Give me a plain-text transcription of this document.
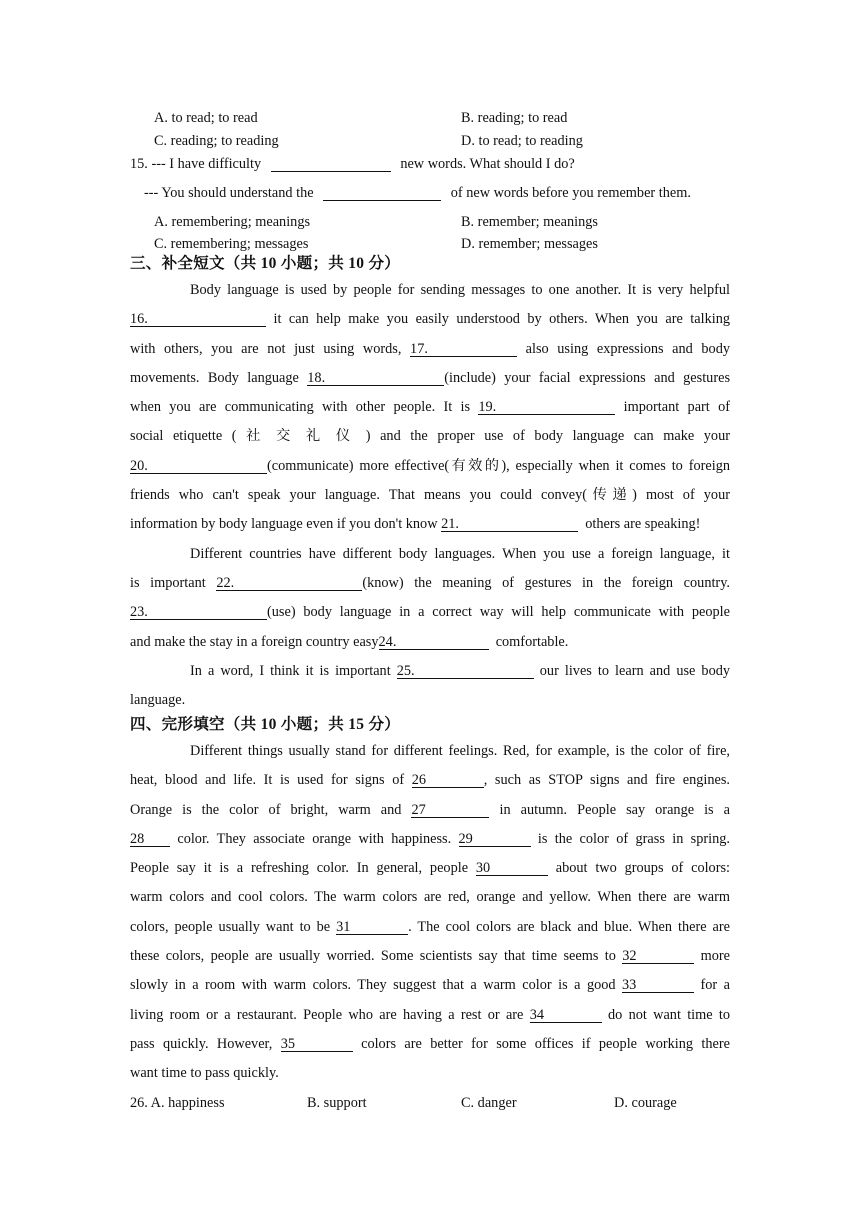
A. to read; to read	B. reading; to read
C. reading; to reading	D. to read; to reading
15. --- I have difficulty	new words. What should I do?
--- You should understand the	of new words before you remember them.
A. remembering; meanings	B. remember; meanings
C. remembering; messages	D. remember; messages
三、补全短文（共 10 小题；共 10 分）
Body language is used by people for sending messages to one another. It is very helpful
16.	it can help make you easily understood by others. When you are talking
with others, you are not just using words, 17.	also using expressions and body
movements. Body language 18.	(include) your facial expressions and gestures
when you are communicating with other people. It is 19.	important part of
social etiquette ( 社 交 礼 仪 ) and the proper use of body language can make your
20.	(communicate) more effective(有效的), especially when it comes to foreign
friends who can't speak your language. That means you could convey(传递) most of your
information by body language even if you don't know 21.	others are speaking!
Different countries have different body languages. When you use a foreign language, it
is important 22.	(know) the meaning of gestures in the foreign country.
23.	(use) body language in a correct way will help communicate with people
and make the stay in a foreign country easy24.	comfortable.
In a word, I think it is important 25.	our lives to learn and use body
language.
四、完形填空（共 10 小题；共 15 分）
Different things usually stand for different feelings. Red, for example, is the color of fire,
heat, blood and life. It is used for signs of 26	, such as STOP signs and fire engines.
Orange is the color of bright, warm and 27	in autumn. People say orange is a
28 color. They associate orange with happiness. 29	is the color of grass in spring.
People say it is a refreshing color. In general, people 30	about two groups of colors:
warm colors and cool colors. The warm colors are red, orange and yellow. When there are warm
colors, people usually want to be 31	. The cool colors are black and blue. When there are
these colors, people are usually worried. Some scientists say that time seems to 32	more
slowly in a room with warm colors. They suggest that a warm color is a good 33	for a
living room or a restaurant. People who are having a rest or are 34	do not want time to
pass quickly. However, 35	colors are better for some offices if people working there
want time to pass quickly.
26. A. happiness	B. support	C. danger	D. courage
